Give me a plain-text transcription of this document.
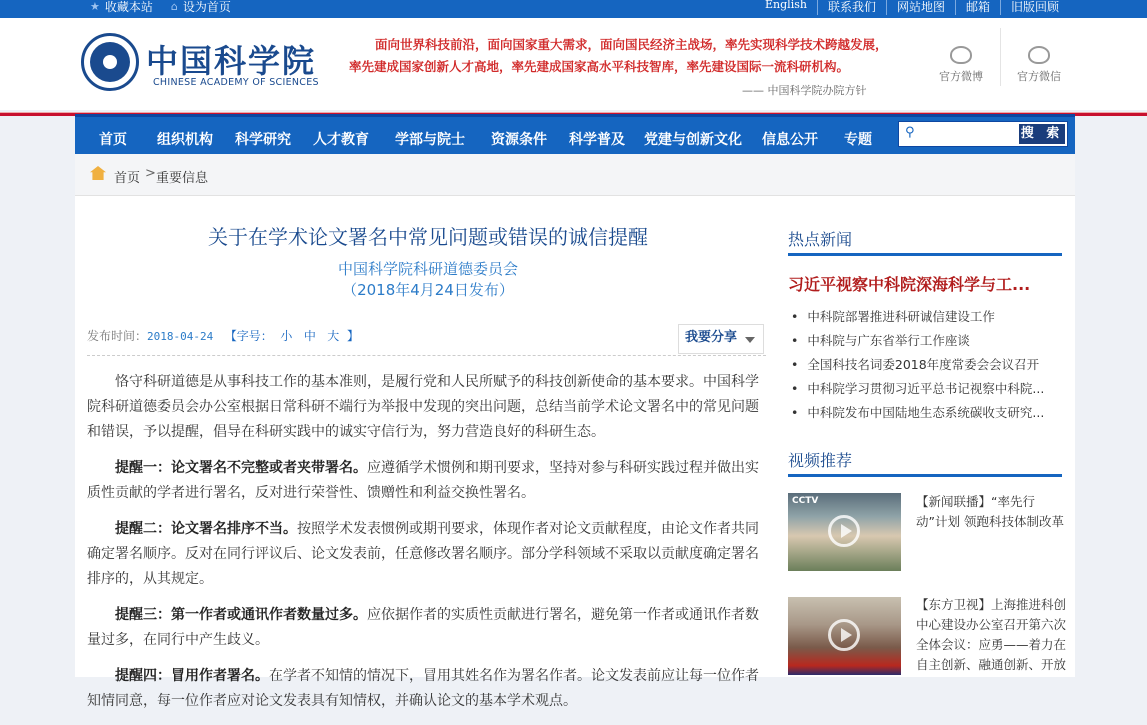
★ 收藏本站 ⌂ 设为首页	English	联系我们	网站地图	邮箱	旧版回顾
中国科学院
CHINESE ACADEMY OF SCIENCES
面向世界科技前沿，面向国家重大需求，面向国民经济主战场，率先实现科学技术跨越发展，
率先建成国家创新人才高地，率先建成国家高水平科技智库，率先建设国际一流科研机构。
—— 中国科学院办院方针
官方微博	官方微信
首页 组织机构 科学研究 人才教育 学部与院士 资源条件 科学普及 党建与创新文化 信息公开 专题	⚲	搜 索
首页 > 重要信息
关于在学术论文署名中常见问题或错误的诚信提醒
中国科学院科研道德委员会
（2018年4月24日发布）
发布时间：2018-04-24 【字号： 小 中 大 】	我要分享

恪守科研道德是从事科技工作的基本准则，是履行党和人民所赋予的科技创新使命的基本要求。中国科学院科研道德委员会办公室根据日常科研不端行为举报中发现的突出问题，总结当前学术论文署名中的常见问题和错误，予以提醒，倡导在科研实践中的诚实守信行为，努力营造良好的科研生态。

提醒一：论文署名不完整或者夹带署名。应遵循学术惯例和期刊要求，坚持对参与科研实践过程并做出实质性贡献的学者进行署名，反对进行荣誉性、馈赠性和利益交换性署名。

提醒二：论文署名排序不当。按照学术发表惯例或期刊要求，体现作者对论文贡献程度，由论文作者共同确定署名顺序。反对在同行评议后、论文发表前，任意修改署名顺序。部分学科领域不采取以贡献度确定署名排序的，从其规定。

提醒三：第一作者或通讯作者数量过多。应依据作者的实质性贡献进行署名，避免第一作者或通讯作者数量过多，在同行中产生歧义。

提醒四：冒用作者署名。在学者不知情的情况下，冒用其姓名作为署名作者。论文发表前应让每一位作者知情同意，每一位作者应对论文发表具有知情权，并确认论文的基本学术观点。

热点新闻
习近平视察中科院深海科学与工...
• 中科院部署推进科研诚信建设工作
• 中科院与广东省举行工作座谈
• 全国科技名词委2018年度常委会会议召开
• 中科院学习贯彻习近平总书记视察中科院...
• 中科院发布中国陆地生态系统碳收支研究...
视频推荐
CCTV	【新闻联播】“率先行动”计划 领跑科技体制改革
【东方卫视】上海推进科创中心建设办公室召开第六次全体会议：应勇——着力在自主创新、融通创新、开放
